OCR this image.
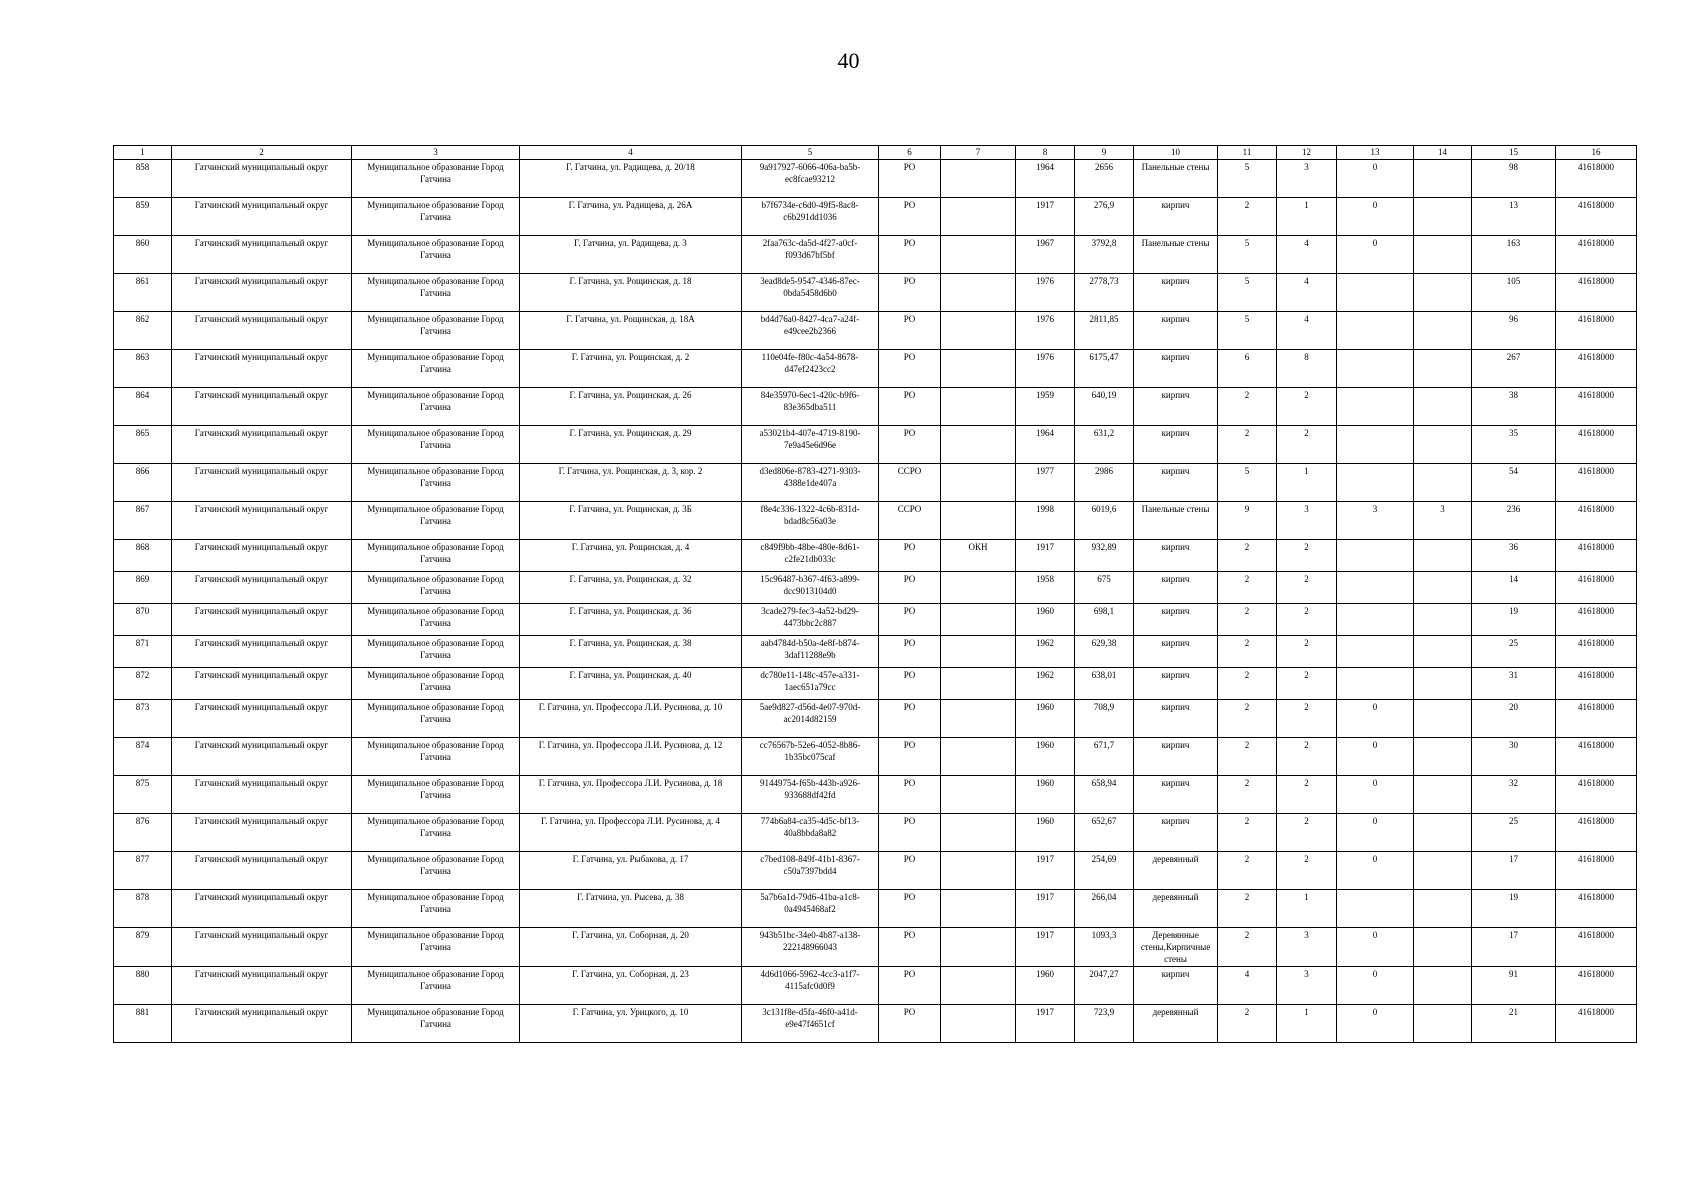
40
1	2	3	4	5	6	7	8	9	10	11	12	13	14	15	16
858	Гатчинский муниципальный округ	Муниципальное образование Город Гатчина	Г. Гатчина, ул. Радищева, д. 20/18	9a917927-6066-406a-ba5b-ec8fcae93212	РО		1964	2656	Панельные стены	5	3	0		98	41618000
859	Гатчинский муниципальный округ	Муниципальное образование Город Гатчина	Г. Гатчина, ул. Радищева, д. 26А	b7f6734e-c6d0-49f5-8ac8-c6b291dd1036	РО		1917	276,9	кирпич	2	1	0		13	41618000
860	Гатчинский муниципальный округ	Муниципальное образование Город Гатчина	Г. Гатчина, ул. Радищева, д. 3	2faa763c-da5d-4f27-a0cf-f093d67bf5bf	РО		1967	3792,8	Панельные стены	5	4	0		163	41618000
861	Гатчинский муниципальный округ	Муниципальное образование Город Гатчина	Г. Гатчина, ул. Рощинская, д. 18	3ead8de5-9547-4346-87ec-0bda5458d6b0	РО		1976	2778,73	кирпич	5	4			105	41618000
862	Гатчинский муниципальный округ	Муниципальное образование Город Гатчина	Г. Гатчина, ул. Рощинская, д. 18А	bd4d76a0-8427-4ca7-a24f-e49cee2b2366	РО		1976	2811,85	кирпич	5	4			96	41618000
863	Гатчинский муниципальный округ	Муниципальное образование Город Гатчина	Г. Гатчина, ул. Рощинская, д. 2	110e04fe-f80c-4a54-8678-d47ef2423cc2	РО		1976	6175,47	кирпич	6	8			267	41618000
864	Гатчинский муниципальный округ	Муниципальное образование Город Гатчина	Г. Гатчина, ул. Рощинская, д. 26	84e35970-6ec1-420c-b9f6-83e365dba511	РО		1959	640,19	кирпич	2	2			38	41618000
865	Гатчинский муниципальный округ	Муниципальное образование Город Гатчина	Г. Гатчина, ул. Рощинская, д. 29	a53021b4-407e-4719-8190-7e9a45e6d96e	РО		1964	631,2	кирпич	2	2			35	41618000
866	Гатчинский муниципальный округ	Муниципальное образование Город Гатчина	Г. Гатчина, ул. Рощинская, д. 3, кор. 2	d3ed806e-8783-4271-9303-4388e1de407a	ССРО		1977	2986	кирпич	5	1			54	41618000
867	Гатчинский муниципальный округ	Муниципальное образование Город Гатчина	Г. Гатчина, ул. Рощинская, д. 3Б	f8e4c336-1322-4c6b-831d-bdad8c56a03e	ССРО		1998	6019,6	Панельные стены	9	3	3	3	236	41618000
868	Гатчинский муниципальный округ	Муниципальное образование Город Гатчина	Г. Гатчина, ул. Рощинская, д. 4	c849f9bb-48be-480e-8d61-c2fe21db033c	РО	ОКН	1917	932,89	кирпич	2	2			36	41618000
869	Гатчинский муниципальный округ	Муниципальное образование Город Гатчина	Г. Гатчина, ул. Рощинская, д. 32	15c96487-b367-4f63-a899-dcc9013104d0	РО		1958	675	кирпич	2	2			14	41618000
870	Гатчинский муниципальный округ	Муниципальное образование Город Гатчина	Г. Гатчина, ул. Рощинская, д. 36	3cade279-fec3-4a52-bd29-4473bbc2c887	РО		1960	698,1	кирпич	2	2			19	41618000
871	Гатчинский муниципальный округ	Муниципальное образование Город Гатчина	Г. Гатчина, ул. Рощинская, д. 38	aab4784d-b50a-4e8f-b874-3daf11288e9b	РО		1962	629,38	кирпич	2	2			25	41618000
872	Гатчинский муниципальный округ	Муниципальное образование Город Гатчина	Г. Гатчина, ул. Рощинская, д. 40	dc780e11-148c-457e-a331-1aec651a79cc	РО		1962	638,01	кирпич	2	2			31	41618000
873	Гатчинский муниципальный округ	Муниципальное образование Город Гатчина	Г. Гатчина, ул. Профессора Л.И. Русинова, д. 10	5ae9d827-d56d-4e07-970d-ac2014d82159	РО		1960	708,9	кирпич	2	2	0		20	41618000
874	Гатчинский муниципальный округ	Муниципальное образование Город Гатчина	Г. Гатчина, ул. Профессора Л.И. Русинова, д. 12	cc76567b-52e6-4052-8b86-1b35bc075caf	РО		1960	671,7	кирпич	2	2	0		30	41618000
875	Гатчинский муниципальный округ	Муниципальное образование Город Гатчина	Г. Гатчина, ул. Профессора Л.И. Русинова, д. 18	91449754-f65b-443b-a926-933688df42fd	РО		1960	658,94	кирпич	2	2	0		32	41618000
876	Гатчинский муниципальный округ	Муниципальное образование Город Гатчина	Г. Гатчина, ул. Профессора Л.И. Русинова, д. 4	774b6a84-ca35-4d5c-bf13-40a8bbda8a82	РО		1960	652,67	кирпич	2	2	0		25	41618000
877	Гатчинский муниципальный округ	Муниципальное образование Город Гатчина	Г. Гатчина, ул. Рыбакова, д. 17	c7bed108-849f-41b1-8367-c50a7397bdd4	РО		1917	254,69	деревянный	2	2	0		17	41618000
878	Гатчинский муниципальный округ	Муниципальное образование Город Гатчина	Г. Гатчина, ул. Рысева, д. 38	5a7b6a1d-79d6-41ba-a1c8-0a4945468af2	РО		1917	266,04	деревянный	2	1			19	41618000
879	Гатчинский муниципальный округ	Муниципальное образование Город Гатчина	Г. Гатчина, ул. Соборная, д. 20	943b51bc-34e0-4b87-a138-222148966043	РО		1917	1093,3	Деревянные стены,Кирпичные стены	2	3	0		17	41618000
880	Гатчинский муниципальный округ	Муниципальное образование Город Гатчина	Г. Гатчина, ул. Соборная, д. 23	4d6d1066-5962-4cc3-a1f7-4115afc0d0f9	РО		1960	2047,27	кирпич	4	3	0		91	41618000
881	Гатчинский муниципальный округ	Муниципальное образование Город Гатчина	Г. Гатчина, ул. Урицкого, д. 10	3c131f8e-d5fa-46f0-a41d-e9e47f4651cf	РО		1917	723,9	деревянный	2	1	0		21	41618000
